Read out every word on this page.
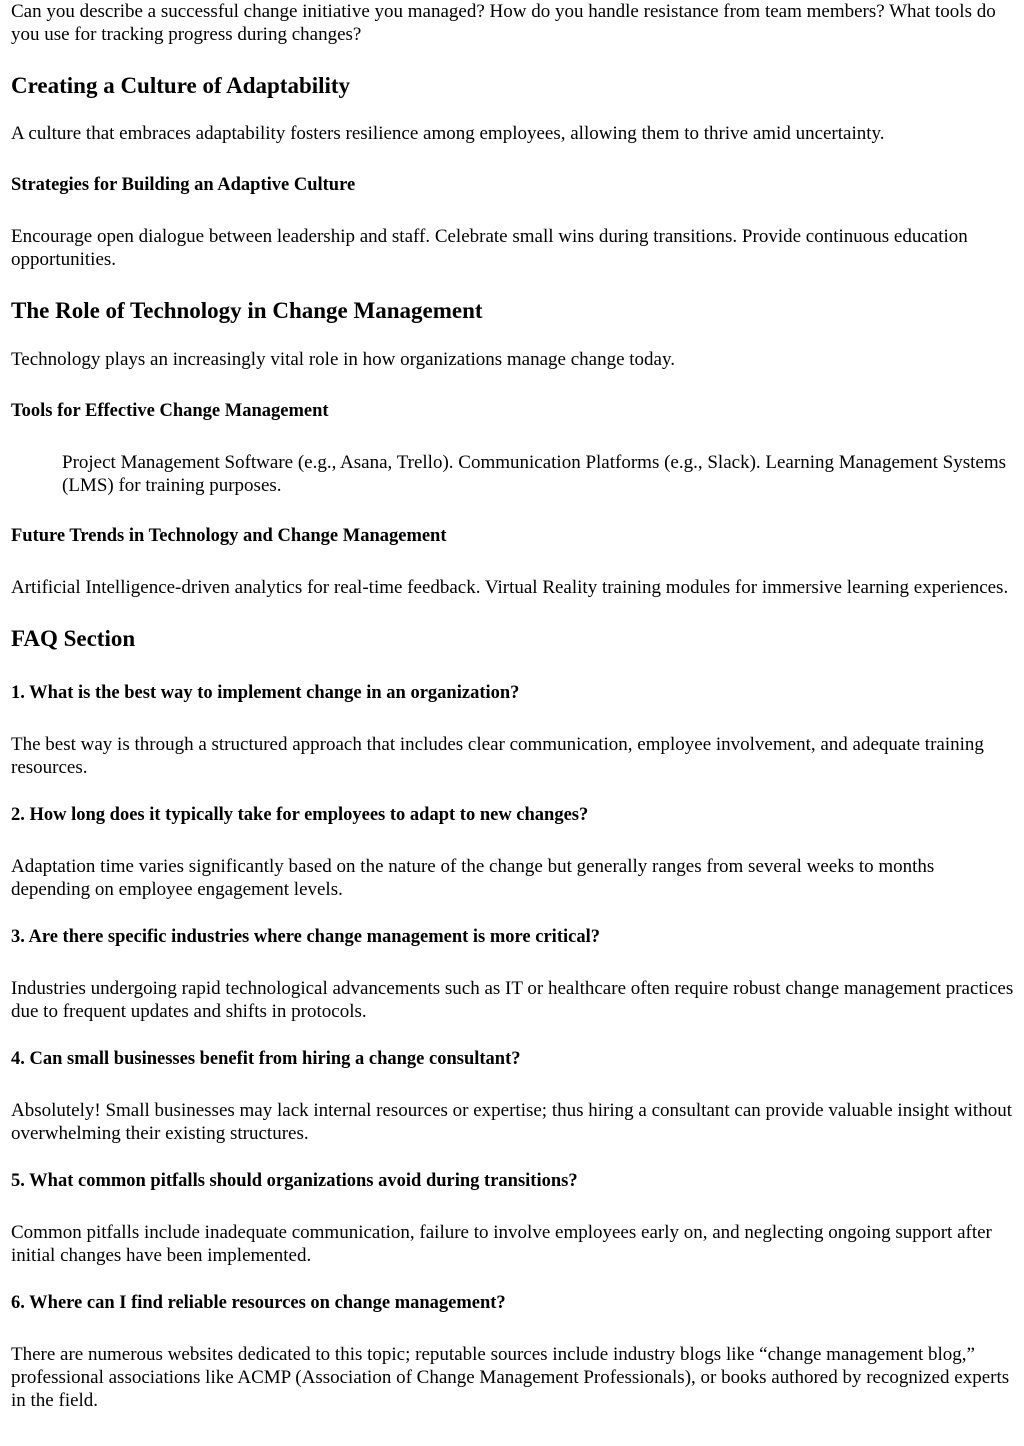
Can you describe a successful change initiative you managed? How do you handle resistance from team members? What tools do you use for tracking progress during changes?

Creating a Culture of Adaptability

A culture that embraces adaptability fosters resilience among employees, allowing them to thrive amid uncertainty.

Strategies for Building an Adaptive Culture

Encourage open dialogue between leadership and staff. Celebrate small wins during transitions. Provide continuous education opportunities.

The Role of Technology in Change Management

Technology plays an increasingly vital role in how organizations manage change today.

Tools for Effective Change Management

Project Management Software (e.g., Asana, Trello). Communication Platforms (e.g., Slack). Learning Management Systems (LMS) for training purposes.

Future Trends in Technology and Change Management

Artificial Intelligence-driven analytics for real-time feedback. Virtual Reality training modules for immersive learning experiences.

FAQ Section
1. What is the best way to implement change in an organization?

The best way is through a structured approach that includes clear communication, employee involvement, and adequate training resources.

2. How long does it typically take for employees to adapt to new changes?

Adaptation time varies significantly based on the nature of the change but generally ranges from several weeks to months depending on employee engagement levels.

3. Are there specific industries where change management is more critical?

Industries undergoing rapid technological advancements such as IT or healthcare often require robust change management practices due to frequent updates and shifts in protocols.

4. Can small businesses benefit from hiring a change consultant?

Absolutely! Small businesses may lack internal resources or expertise; thus hiring a consultant can provide valuable insight without overwhelming their existing structures.

5. What common pitfalls should organizations avoid during transitions?

Common pitfalls include inadequate communication, failure to involve employees early on, and neglecting ongoing support after initial changes have been implemented.

6. Where can I find reliable resources on change management?

There are numerous websites dedicated to this topic; reputable sources include industry blogs like “change management blog,” professional associations like ACMP (Association of Change Management Professionals), or books authored by recognized experts in the field.
